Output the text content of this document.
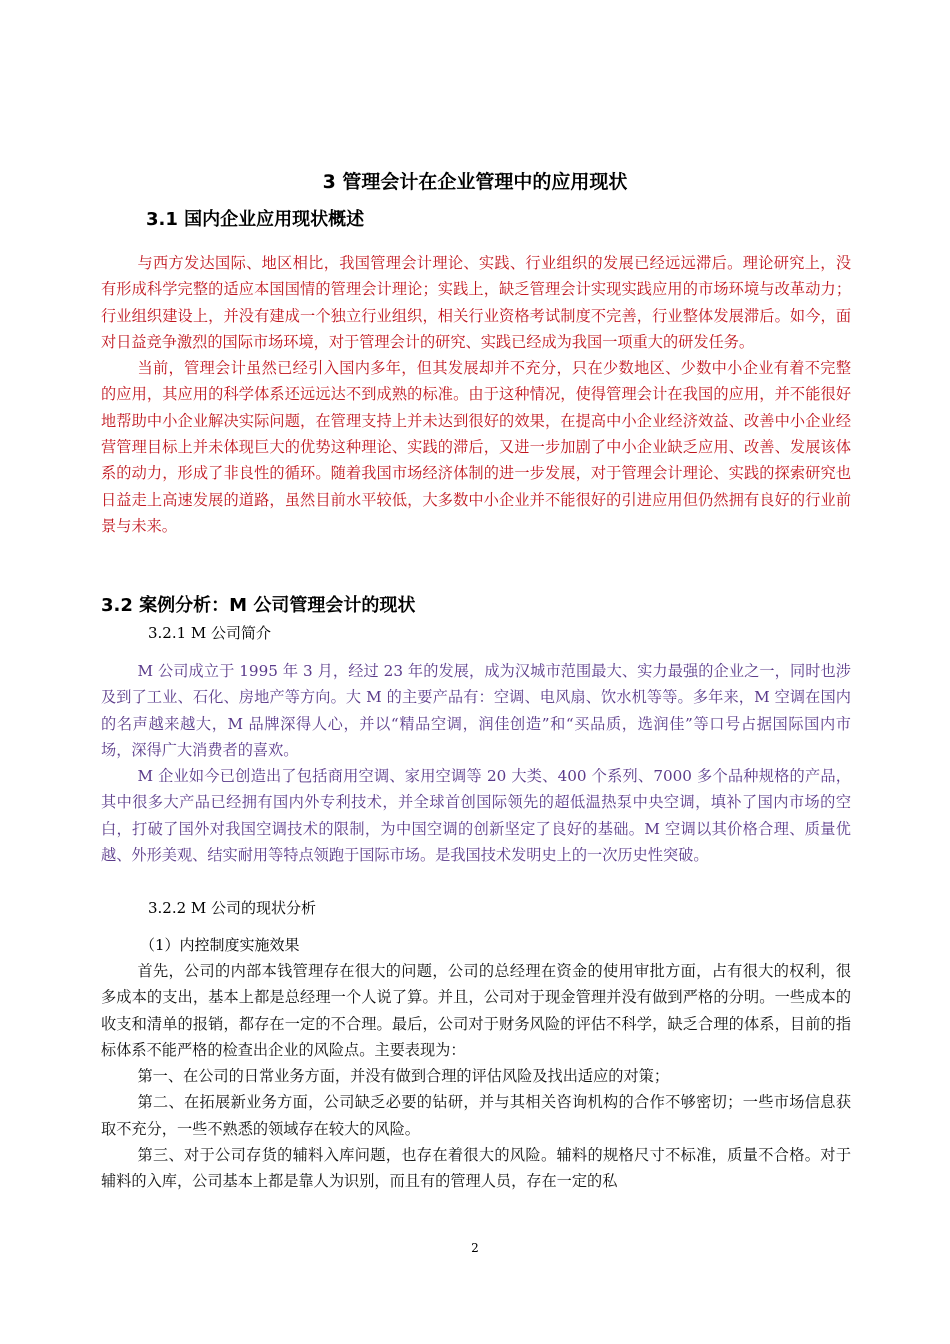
3 管理会计在企业管理中的应用现状
3.1 国内企业应用现状概述

与西方发达国际、地区相比，我国管理会计理论、实践、行业组织的发展已经远远滞后。理论研究上，没有形成科学完整的适应本国国情的管理会计理论；实践上，缺乏管理会计实现实践应用的市场环境与改革动力；行业组织建设上，并没有建成一个独立行业组织，相关行业资格考试制度不完善，行业整体发展滞后。如今，面对日益竞争激烈的国际市场环境，对于管理会计的研究、实践已经成为我国一项重大的研发任务。

当前，管理会计虽然已经引入国内多年，但其发展却并不充分，只在少数地区、少数中小企业有着不完整的应用，其应用的科学体系还远远达不到成熟的标准。由于这种情况，使得管理会计在我国的应用，并不能很好地帮助中小企业解决实际问题，在管理支持上并未达到很好的效果，在提高中小企业经济效益、改善中小企业经营管理目标上并未体现巨大的优势这种理论、实践的滞后，又进一步加剧了中小企业缺乏应用、改善、发展该体系的动力，形成了非良性的循环。随着我国市场经济体制的进一步发展，对于管理会计理论、实践的探索研究也日益走上高速发展的道路，虽然目前水平较低，大多数中小企业并不能很好的引进应用但仍然拥有良好的行业前景与未来。

3.2 案例分析：M 公司管理会计的现状
3.2.1 M 公司简介

M 公司成立于 1995 年 3 月，经过 23 年的发展，成为汉城市范围最大、实力最强的企业之一，同时也涉及到了工业、石化、房地产等方向。大 M 的主要产品有：空调、电风扇、饮水机等等。多年来，M 空调在国内的名声越来越大，M 品牌深得人心，并以“精品空调，润佳创造”和“买品质，选润佳”等口号占据国际国内市场，深得广大消费者的喜欢。

M 企业如今已创造出了包括商用空调、家用空调等 20 大类、400 个系列、7000 多个品种规格的产品，其中很多大产品已经拥有国内外专利技术，并全球首创国际领先的超低温热泵中央空调，填补了国内市场的空白，打破了国外对我国空调技术的限制，为中国空调的创新坚定了良好的基础。M 空调以其价格合理、质量优越、外形美观、结实耐用等特点领跑于国际市场。是我国技术发明史上的一次历史性突破。

3.2.2 M 公司的现状分析
（1）内控制度实施效果

首先，公司的内部本钱管理存在很大的问题，公司的总经理在资金的使用审批方面，占有很大的权利，很多成本的支出，基本上都是总经理一个人说了算。并且，公司对于现金管理并没有做到严格的分明。一些成本的收支和清单的报销，都存在一定的不合理。最后，公司对于财务风险的评估不科学，缺乏合理的体系，目前的指标体系不能严格的检查出企业的风险点。主要表现为：

第一、在公司的日常业务方面，并没有做到合理的评估风险及找出适应的对策；

第二、在拓展新业务方面，公司缺乏必要的钻研，并与其相关咨询机构的合作不够密切；一些市场信息获取不充分，一些不熟悉的领域存在较大的风险。

第三、对于公司存货的辅料入库问题，也存在着很大的风险。辅料的规格尺寸不标准，质量不合格。对于辅料的入库，公司基本上都是靠人为识别，而且有的管理人员，存在一定的私

2
